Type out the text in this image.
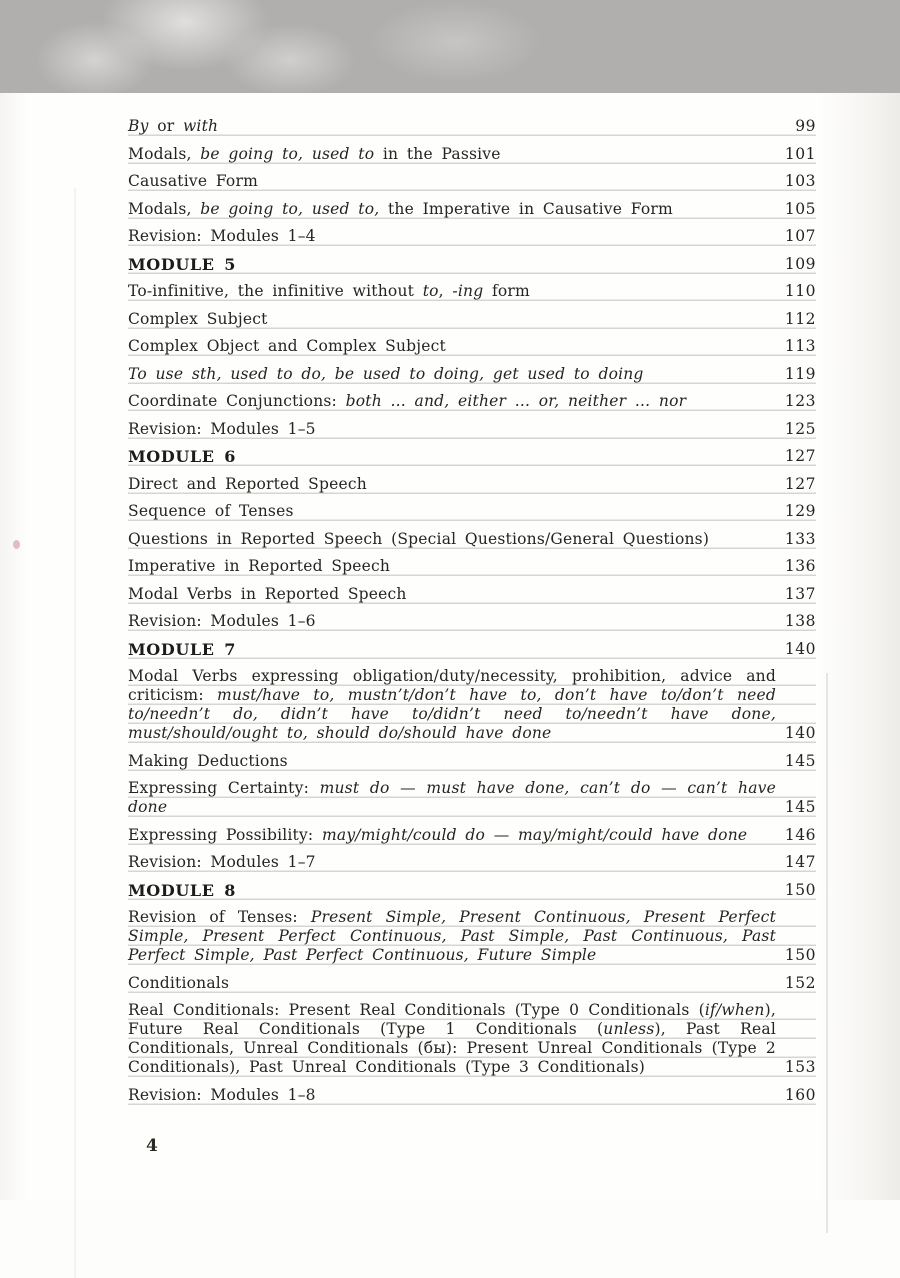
By or with	99
Modals, be going to, used to in the Passive	101
Causative Form	103
Modals, be going to, used to, the Imperative in Causative Form	105
Revision: Modules 1–4	107
MODULE 5	109
To-infinitive, the infinitive without to, -ing form	110
Complex Subject	112
Complex Object and Complex Subject	113
To use sth, used to do, be used to doing, get used to doing	119
Coordinate Conjunctions: both ... and, either ... or, neither ... nor	123
Revision: Modules 1–5	125
MODULE 6	127
Direct and Reported Speech	127
Sequence of Tenses	129
Questions in Reported Speech (Special Questions/General Questions)	133
Imperative in Reported Speech	136
Modal Verbs in Reported Speech	137
Revision: Modules 1–6	138
MODULE 7	140
Modal Verbs expressing obligation/duty/necessity, prohibition, advice and criticism: must/have to, mustn’t/don’t have to, don’t have to/don’t need to/needn’t do, didn’t have to/didn’t need to/needn’t have done, must/should/ought to, should do/should have done	140
Making Deductions	145
Expressing Certainty: must do — must have done, can’t do — can’t have done	145
Expressing Possibility: may/might/could do — may/might/could have done	146
Revision: Modules 1–7	147
MODULE 8	150
Revision of Tenses: Present Simple, Present Continuous, Present Perfect Simple, Present Perfect Continuous, Past Simple, Past Continuous, Past Perfect Simple, Past Perfect Continuous, Future Simple	150
Conditionals	152
Real Conditionals: Present Real Conditionals (Type 0 Conditionals (if/when), Future Real Conditionals (Type 1 Conditionals (unless), Past Real Conditionals, Unreal Conditionals (бы): Present Unreal Conditionals (Type 2 Conditionals), Past Unreal Conditionals (Type 3 Conditionals)	153
Revision: Modules 1–8	160
4
